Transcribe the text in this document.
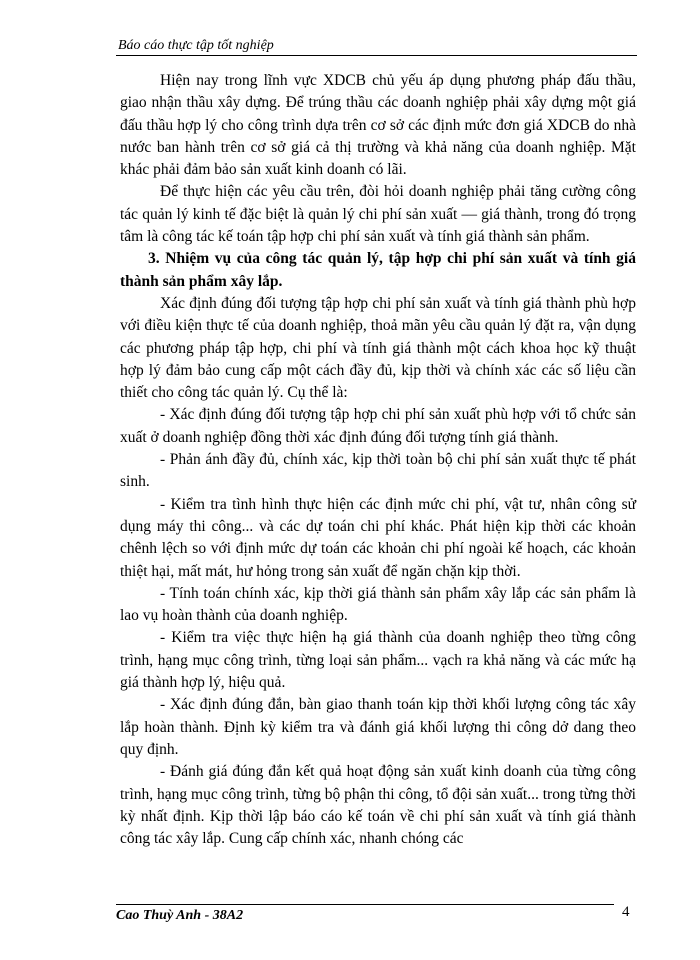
Báo cáo thực tập tốt nghiệp

Hiện nay trong lĩnh vực XDCB chủ yếu áp dụng phương pháp đấu thầu, giao nhận thầu xây dựng. Để trúng thầu các doanh nghiệp phải xây dựng một giá đấu thầu hợp lý cho công trình dựa trên cơ sở các định mức đơn giá XDCB do nhà nước ban hành trên cơ sở giá cả thị trường và khả năng của doanh nghiệp. Mặt khác phải đảm bảo sản xuất kinh doanh có lãi.

Để thực hiện các yêu cầu trên, đòi hỏi doanh nghiệp phải tăng cường công tác quản lý kinh tế đặc biệt là quản lý chi phí sản xuất — giá thành, trong đó trọng tâm là công tác kế toán tập hợp chi phí sản xuất và tính giá thành sản phẩm.

3. Nhiệm vụ của công tác quản lý, tập hợp chi phí sản xuất và tính giá thành sản phẩm xây lắp.

Xác định đúng đối tượng tập hợp chi phí sản xuất và tính giá thành phù hợp với điều kiện thực tế của doanh nghiệp, thoả mãn yêu cầu quản lý đặt ra, vận dụng các phương pháp tập hợp, chi phí và tính giá thành một cách khoa học kỹ thuật hợp lý đảm bảo cung cấp một cách đầy đủ, kịp thời và chính xác các số liệu cần thiết cho công tác quản lý. Cụ thể là:

- Xác định đúng đối tượng tập hợp chi phí sản xuất phù hợp với tổ chức sản xuất ở doanh nghiệp đồng thời xác định đúng đối tượng tính giá thành.

- Phản ánh đầy đủ, chính xác, kịp thời toàn bộ chi phí sản xuất thực tế phát sinh.

- Kiểm tra tình hình thực hiện các định mức chi phí, vật tư, nhân công sử dụng máy thi công... và các dự toán chi phí khác. Phát hiện kịp thời các khoản chênh lệch so với định mức dự toán các khoản chi phí ngoài kế hoạch, các khoản thiệt hại, mất mát, hư hỏng trong sản xuất để ngăn chặn kịp thời.

- Tính toán chính xác, kịp thời giá thành sản phẩm xây lắp các sản phẩm là lao vụ hoàn thành của doanh nghiệp.

- Kiểm tra việc thực hiện hạ giá thành của doanh nghiệp theo từng công trình, hạng mục công trình, từng loại sản phẩm... vạch ra khả năng và các mức hạ giá thành hợp lý, hiệu quả.

- Xác định đúng đắn, bàn giao thanh toán kịp thời khối lượng công tác xây lắp hoàn thành. Định kỳ kiểm tra và đánh giá khối lượng thi công dở dang theo quy định.

- Đánh giá đúng đắn kết quả hoạt động sản xuất kinh doanh của từng công trình, hạng mục công trình, từng bộ phận thi công, tổ đội sản xuất... trong từng thời kỳ nhất định. Kịp thời lập báo cáo kế toán về chi phí sản xuất và tính giá thành công tác xây lắp. Cung cấp chính xác, nhanh chóng các

Cao Thuỳ Anh - 38A2	4
